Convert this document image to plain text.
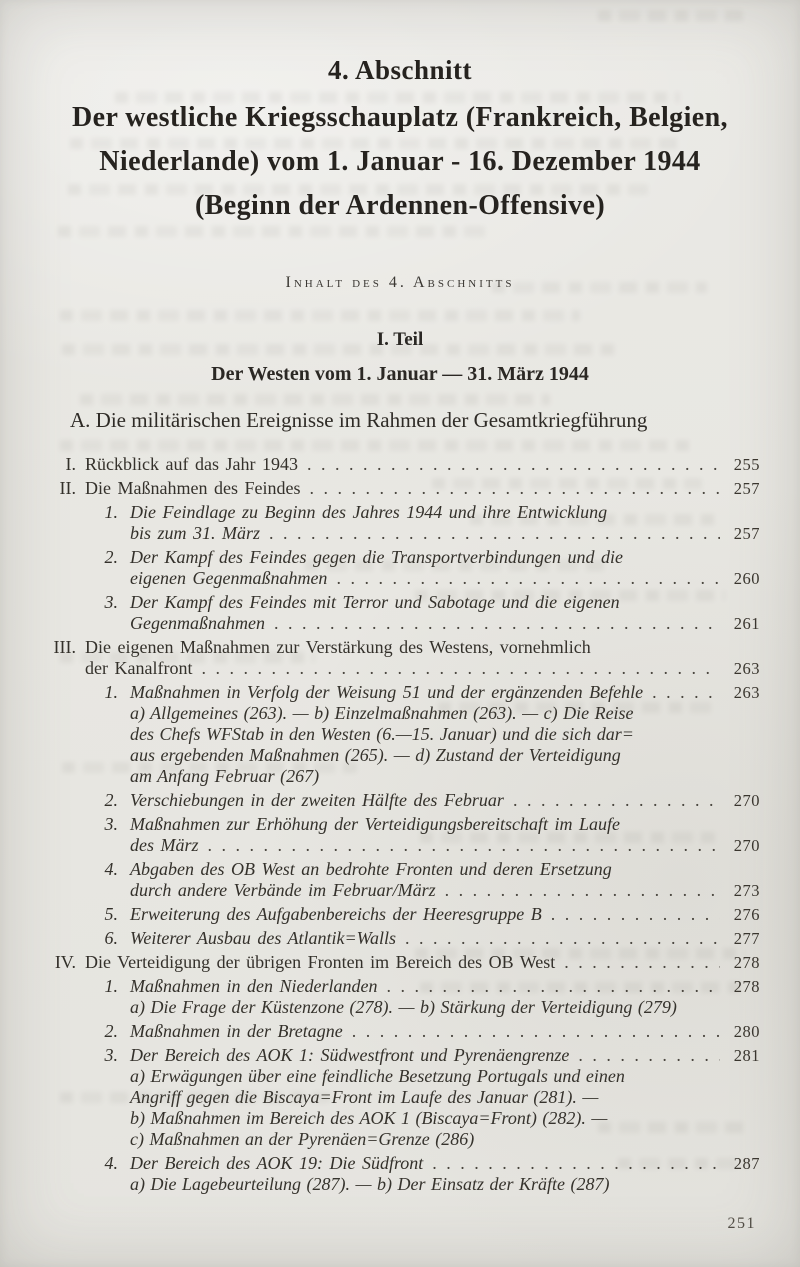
4. Abschnitt
Der westliche Kriegsschauplatz (Frankreich, Belgien,
Niederlande) vom 1. Januar - 16. Dezember 1944
(Beginn der Ardennen-Offensive)
Inhalt des 4. Abschnitts
I. Teil
Der Westen vom 1. Januar — 31. März 1944
A. Die militärischen Ereignisse im Rahmen der Gesamtkriegführung
I. Rückblick auf das Jahr 1943 . . .	255
II. Die Maßnahmen des Feindes . . .	257
1. Die Feindlage zu Beginn des Jahres 1944 und ihre Entwicklung
bis zum 31. März . . .	257
2. Der Kampf des Feindes gegen die Transportverbindungen und die
eigenen Gegenmaßnahmen . . .	260
3. Der Kampf des Feindes mit Terror und Sabotage und die eigenen
Gegenmaßnahmen . . .	261
III. Die eigenen Maßnahmen zur Verstärkung des Westens, vornehmlich
der Kanalfront . . .	263
1. Maßnahmen in Verfolg der Weisung 51 und der ergänzenden Befehle . . .	263
a) Allgemeines (263). — b) Einzelmaßnahmen (263). — c) Die Reise
des Chefs WFStab in den Westen (6.—15. Januar) und die sich dar=
aus ergebenden Maßnahmen (265). — d) Zustand der Verteidigung
am Anfang Februar (267)
2. Verschiebungen in der zweiten Hälfte des Februar . . .	270
3. Maßnahmen zur Erhöhung der Verteidigungsbereitschaft im Laufe
des März . . .	270
4. Abgaben des OB West an bedrohte Fronten und deren Ersetzung
durch andere Verbände im Februar/März . . .	273
5. Erweiterung des Aufgabenbereichs der Heeresgruppe B . . .	276
6. Weiterer Ausbau des Atlantik=Walls . . .	277
IV. Die Verteidigung der übrigen Fronten im Bereich des OB West . . .	278
1. Maßnahmen in den Niederlanden . . .	278
a) Die Frage der Küstenzone (278). — b) Stärkung der Verteidigung (279)
2. Maßnahmen in der Bretagne . . .	280
3. Der Bereich des AOK 1: Südwestfront und Pyrenäengrenze . . .	281
a) Erwägungen über eine feindliche Besetzung Portugals und einen
Angriff gegen die Biscaya=Front im Laufe des Januar (281). —
b) Maßnahmen im Bereich des AOK 1 (Biscaya=Front) (282). —
c) Maßnahmen an der Pyrenäen=Grenze (286)
4. Der Bereich des AOK 19: Die Südfront . . .	287
a) Die Lagebeurteilung (287). — b) Der Einsatz der Kräfte (287)
251
